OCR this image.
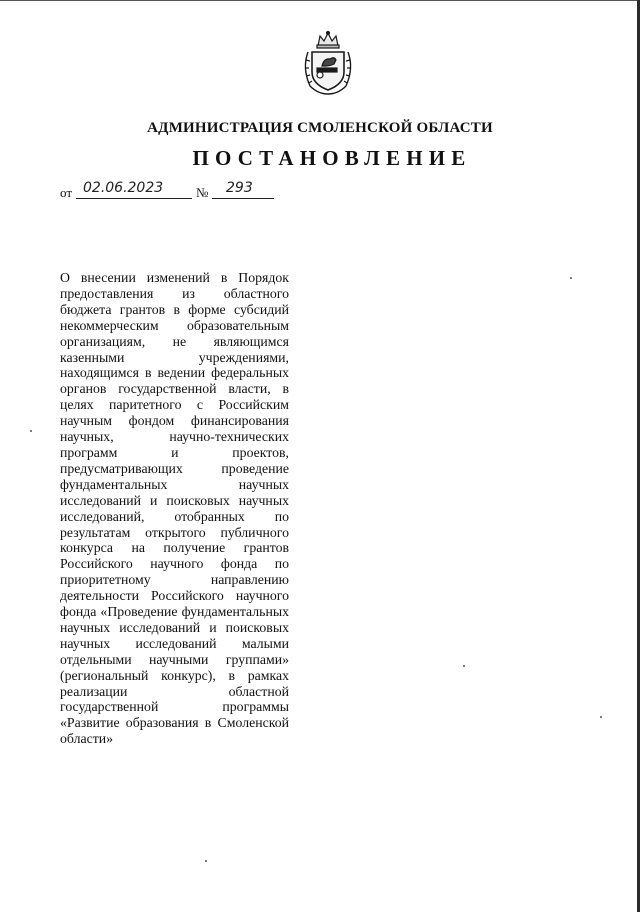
АДМИНИСТРАЦИЯ СМОЛЕНСКОЙ ОБЛАСТИ
ПОСТАНОВЛЕНИЕ
от 02.06.2023	№ 293
О внесении изменений в Порядок предоставления из областного бюджета грантов в форме субсидий некоммерческим образовательным организациям, не являющимся казенными учреждениями, находящимся в ведении федеральных органов государственной власти, в целях паритетного с Российским научным фондом финансирования научных, научно-технических программ и проектов, предусматривающих проведение фундаментальных научных исследований и поисковых научных исследований, отобранных по результатам открытого публичного конкурса на получение грантов Российского научного фонда по приоритетному направлению деятельности Российского научного фонда «Проведение фундаментальных научных исследований и поисковых научных исследований малыми отдельными научными группами» (региональный конкурс), в рамках реализации областной государственной программы «Развитие образования в Смоленской области»
